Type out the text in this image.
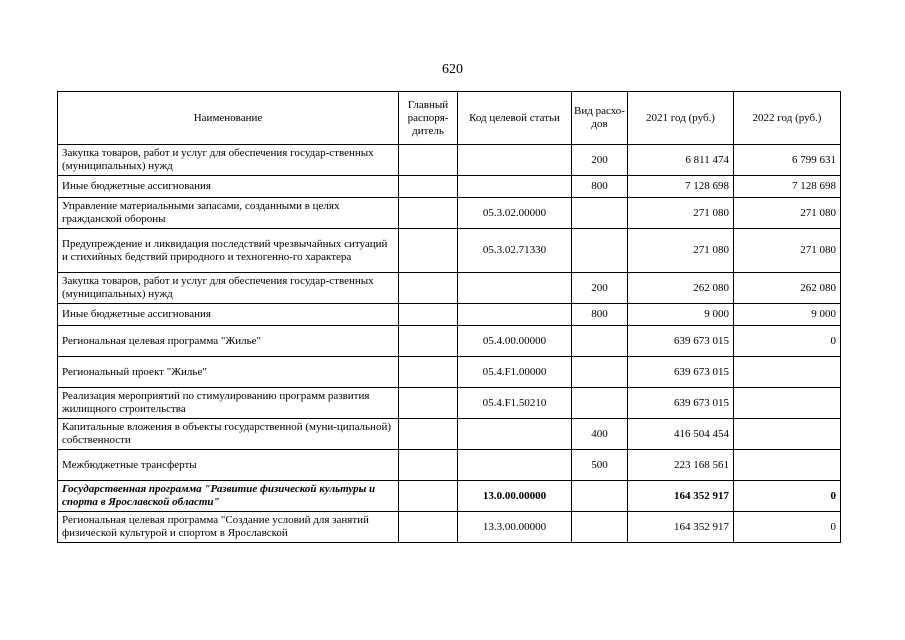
620
Наименование	Главный распоря-дитель	Код целевой статьи	Вид расхо-дов	2021 год (руб.)	2022 год (руб.)
Закупка товаров, работ и услуг для обеспечения государ-ственных (муниципальных) нужд			200	6 811 474	6 799 631
Иные бюджетные ассигнования			800	7 128 698	7 128 698
Управление материальными запасами, созданными в целях гражданской обороны		05.3.02.00000		271 080	271 080
Предупреждение и ликвидация последствий чрезвычайных ситуаций и стихийных бедствий природного и техногенно-го характера		05.3.02.71330		271 080	271 080
Закупка товаров, работ и услуг для обеспечения государ-ственных (муниципальных) нужд			200	262 080	262 080
Иные бюджетные ассигнования			800	9 000	9 000
Региональная целевая программа "Жилье"		05.4.00.00000		639 673 015	0
Региональный проект "Жилье"		05.4.F1.00000		639 673 015	
Реализация мероприятий по стимулированию программ развития жилищного строительства		05.4.F1.50210		639 673 015	
Капитальные вложения в объекты государственной (муни-ципальной) собственности			400	416 504 454	
Межбюджетные трансферты			500	223 168 561	
Государственная программа "Развитие физической культуры и спорта в Ярославской области"		13.0.00.00000		164 352 917	0
Региональная целевая программа "Создание условий для занятий физической культурой и спортом в Ярославской		13.3.00.00000		164 352 917	0
